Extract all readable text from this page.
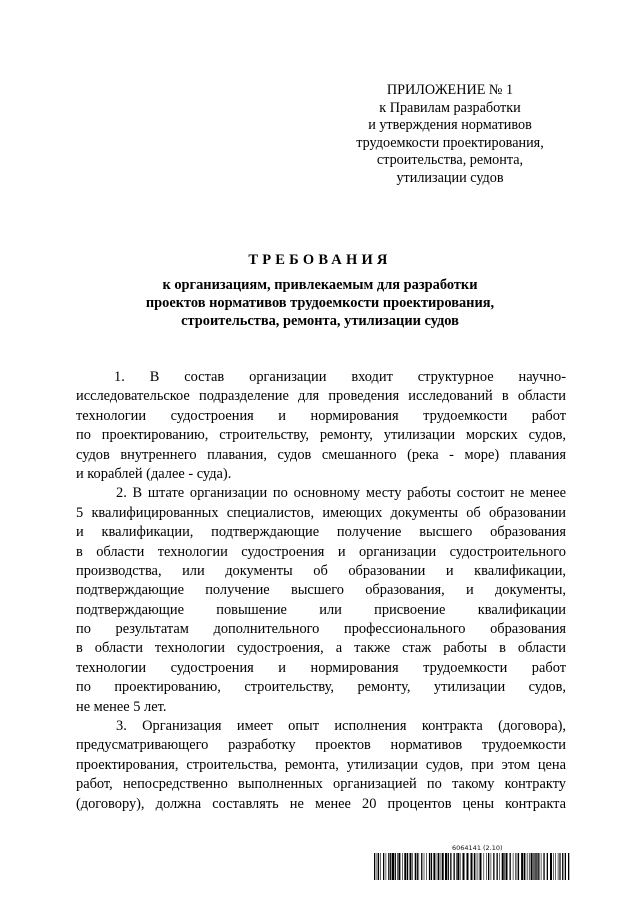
ПРИЛОЖЕНИЕ № 1
к Правилам разработки
и утверждения нормативов
трудоемкости проектирования,
строительства, ремонта,
утилизации судов
ТРЕБОВАНИЯ
к организациям, привлекаемым для разработки
проектов нормативов трудоемкости проектирования,
строительства, ремонта, утилизации судов
1. В состав организации входит структурное научно-
исследовательское подразделение для проведения исследований в области
технологии судостроения и нормирования трудоемкости работ
по проектированию, строительству, ремонту, утилизации морских судов,
судов внутреннего плавания, судов смешанного (река - море) плавания
и кораблей (далее - суда).
2. В штате организации по основному месту работы состоит не менее
5 квалифицированных специалистов, имеющих документы об образовании
и квалификации, подтверждающие получение высшего образования
в области технологии судостроения и организации судостроительного
производства, или документы об образовании и квалификации,
подтверждающие получение высшего образования, и документы,
подтверждающие повышение или присвоение квалификации
по результатам дополнительного профессионального образования
в области технологии судостроения, а также стаж работы в области
технологии судостроения и нормирования трудоемкости работ
по проектированию, строительству, ремонту, утилизации судов,
не менее 5 лет.
3. Организация имеет опыт исполнения контракта (договора),
предусматривающего разработку проектов нормативов трудоемкости
проектирования, строительства, ремонта, утилизации судов, при этом цена
работ, непосредственно выполненных организацией по такому контракту
(договору), должна составлять не менее 20 процентов цены контракта
6064141 (2.10)
